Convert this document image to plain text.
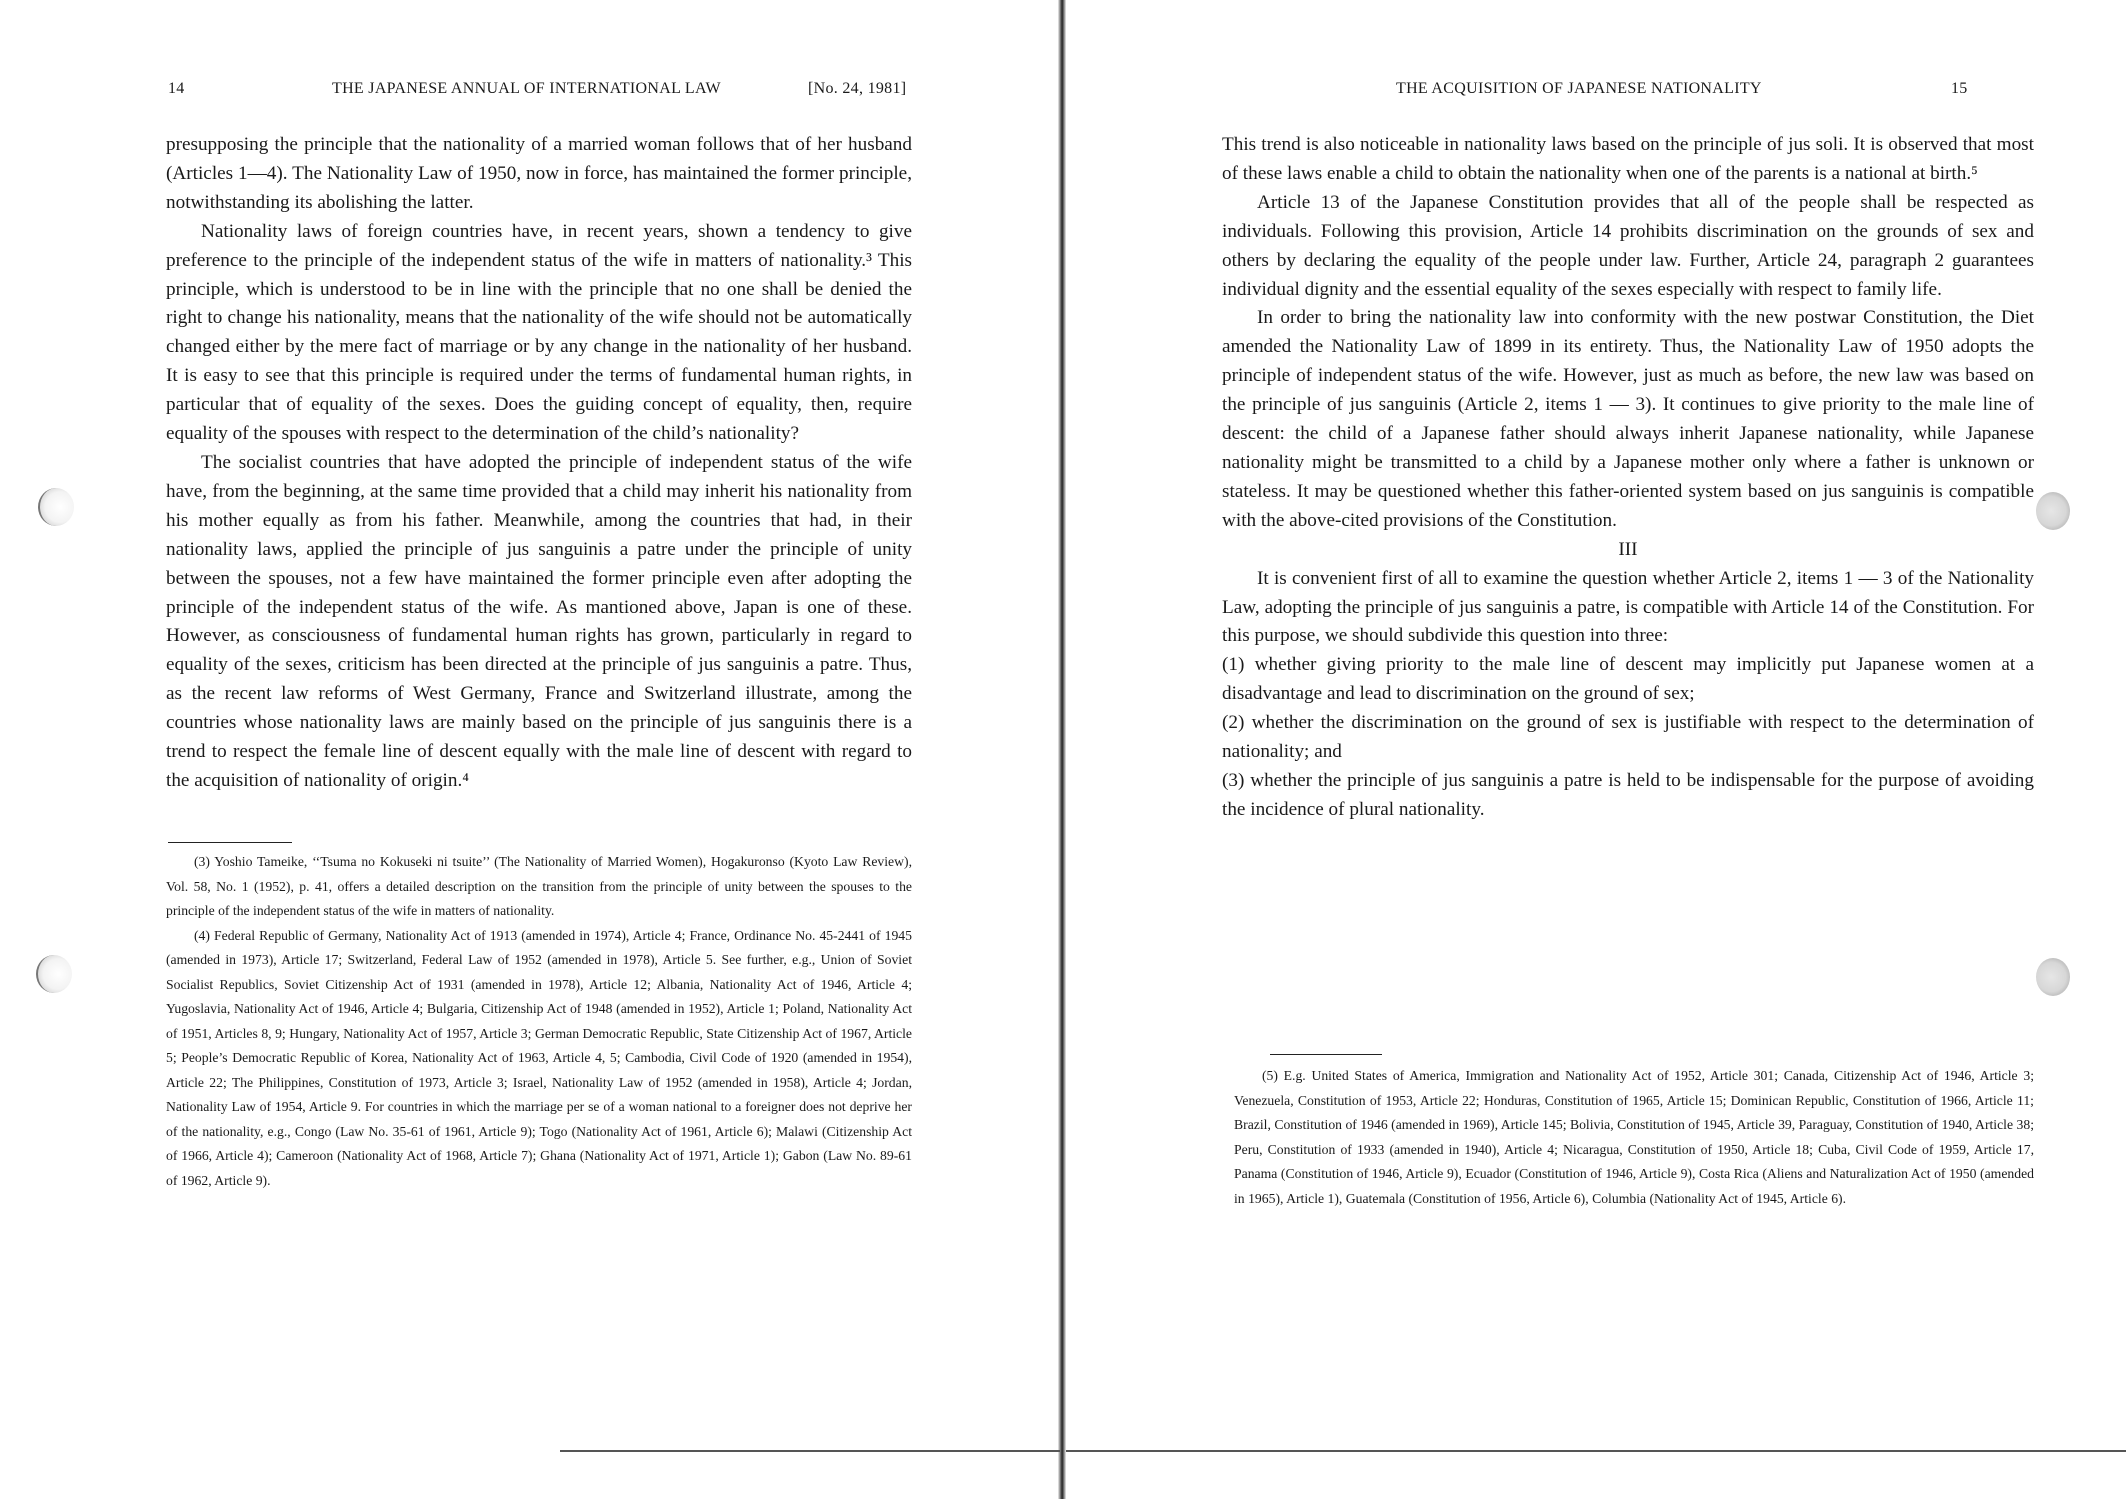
14	THE JAPANESE ANNUAL OF INTERNATIONAL LAW	[No. 24, 1981]

presupposing the principle that the nationality of a married woman follows that of her husband (Articles 1—4). The Nationality Law of 1950, now in force, has maintained the former principle, notwithstanding its abolishing the latter.

Nationality laws of foreign countries have, in recent years, shown a tendency to give preference to the principle of the independent status of the wife in matters of nationality.³ This principle, which is understood to be in line with the principle that no one shall be denied the right to change his nationality, means that the nationality of the wife should not be automatically changed either by the mere fact of marriage or by any change in the nationality of her husband. It is easy to see that this principle is required under the terms of fundamental human rights, in particular that of equality of the sexes. Does the guiding concept of equality, then, require equality of the spouses with respect to the determination of the child’s nationality?

The socialist countries that have adopted the principle of independent status of the wife have, from the beginning, at the same time provided that a child may inherit his nationality from his mother equally as from his father. Meanwhile, among the countries that had, in their nationality laws, applied the principle of jus sanguinis a patre under the principle of unity between the spouses, not a few have maintained the former principle even after adopting the principle of the independent status of the wife. As mantioned above, Japan is one of these. However, as consciousness of fundamental human rights has grown, particularly in regard to equality of the sexes, criticism has been directed at the principle of jus sanguinis a patre. Thus, as the recent law reforms of West Germany, France and Switzerland illustrate, among the countries whose nationality laws are mainly based on the principle of jus sanguinis there is a trend to respect the female line of descent equally with the male line of descent with regard to the acquisition of nationality of origin.⁴

(3) Yoshio Tameike, ‘‘Tsuma no Kokuseki ni tsuite’’ (The Nationality of Married Women), Hogakuronso (Kyoto Law Review), Vol. 58, No. 1 (1952), p. 41, offers a detailed description on the transition from the principle of unity between the spouses to the principle of the independent status of the wife in matters of nationality.

(4) Federal Republic of Germany, Nationality Act of 1913 (amended in 1974), Article 4; France, Ordinance No. 45-2441 of 1945 (amended in 1973), Article 17; Switzerland, Federal Law of 1952 (amended in 1978), Article 5. See further, e.g., Union of Soviet Socialist Republics, Soviet Citizenship Act of 1931 (amended in 1978), Article 12; Albania, Nationality Act of 1946, Article 4; Yugoslavia, Nationality Act of 1946, Article 4; Bulgaria, Citizenship Act of 1948 (amended in 1952), Article 1; Poland, Nationality Act of 1951, Articles 8, 9; Hungary, Nationality Act of 1957, Article 3; German Democratic Republic, State Citizenship Act of 1967, Article 5; People’s Democratic Republic of Korea, Nationality Act of 1963, Article 4, 5; Cambodia, Civil Code of 1920 (amended in 1954), Article 22; The Philippines, Constitution of 1973, Article 3; Israel, Nationality Law of 1952 (amended in 1958), Article 4; Jordan, Nationality Law of 1954, Article 9. For countries in which the marriage per se of a woman national to a foreigner does not deprive her of the nationality, e.g., Congo (Law No. 35-61 of 1961, Article 9); Togo (Nationality Act of 1961, Article 6); Malawi (Citizenship Act of 1966, Article 4); Cameroon (Nationality Act of 1968, Article 7); Ghana (Nationality Act of 1971, Article 1); Gabon (Law No. 89-61 of 1962, Article 9).

THE ACQUISITION OF JAPANESE NATIONALITY	15

This trend is also noticeable in nationality laws based on the principle of jus soli. It is observed that most of these laws enable a child to obtain the nationality when one of the parents is a national at birth.⁵

Article 13 of the Japanese Constitution provides that all of the people shall be respected as individuals. Following this provision, Article 14 prohibits discrimination on the grounds of sex and others by declaring the equality of the people under law. Further, Article 24, paragraph 2 guarantees individual dignity and the essential equality of the sexes especially with respect to family life.

In order to bring the nationality law into conformity with the new postwar Constitution, the Diet amended the Nationality Law of 1899 in its entirety. Thus, the Nationality Law of 1950 adopts the principle of independent status of the wife. However, just as much as before, the new law was based on the principle of jus sanguinis (Article 2, items 1 — 3). It continues to give priority to the male line of descent: the child of a Japanese father should always inherit Japanese nationality, while Japanese nationality might be transmitted to a child by a Japanese mother only where a father is unknown or stateless. It may be questioned whether this father-oriented system based on jus sanguinis is compatible with the above-cited provisions of the Constitution.

III

It is convenient first of all to examine the question whether Article 2, items 1 — 3 of the Nationality Law, adopting the principle of jus sanguinis a patre, is compatible with Article 14 of the Constitution. For this purpose, we should subdivide this question into three:

(1) whether giving priority to the male line of descent may implicitly put Japanese women at a disadvantage and lead to discrimination on the ground of sex;

(2) whether the discrimination on the ground of sex is justifiable with respect to the determination of nationality; and

(3) whether the principle of jus sanguinis a patre is held to be indispensable for the purpose of avoiding the incidence of plural nationality.

(5) E.g. United States of America, Immigration and Nationality Act of 1952, Article 301; Canada, Citizenship Act of 1946, Article 3; Venezuela, Constitution of 1953, Article 22; Honduras, Constitution of 1965, Article 15; Dominican Republic, Constitution of 1966, Article 11; Brazil, Constitution of 1946 (amended in 1969), Article 145; Bolivia, Constitution of 1945, Article 39, Paraguay, Constitution of 1940, Article 38; Peru, Constitution of 1933 (amended in 1940), Article 4; Nicaragua, Constitution of 1950, Article 18; Cuba, Civil Code of 1959, Article 17, Panama (Constitution of 1946, Article 9), Ecuador (Constitution of 1946, Article 9), Costa Rica (Aliens and Naturalization Act of 1950 (amended in 1965), Article 1), Guatemala (Constitution of 1956, Article 6), Columbia (Nationality Act of 1945, Article 6).
